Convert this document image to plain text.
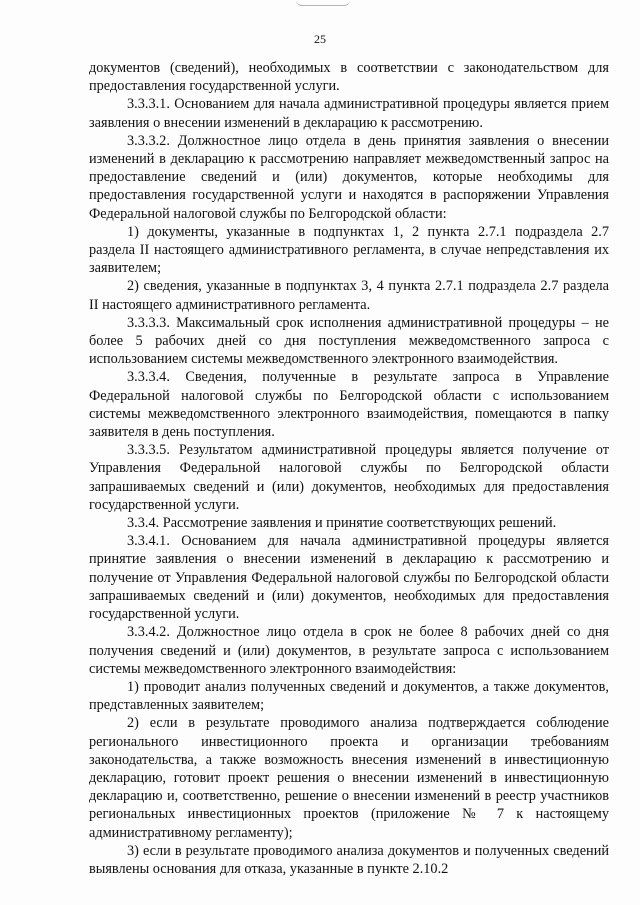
25

документов (сведений), необходимых в соответствии с законодательством для предоставления государственной услуги.

3.3.3.1. Основанием для начала административной процедуры является прием заявления о внесении изменений в декларацию к рассмотрению.

3.3.3.2. Должностное лицо отдела в день принятия заявления о внесении изменений в декларацию к рассмотрению направляет межведомственный запрос на предоставление сведений и (или) документов, которые необходимы для предоставления государственной услуги и находятся в распоряжении Управления Федеральной налоговой службы по Белгородской области:

1) документы, указанные в подпунктах 1, 2 пункта 2.7.1 подраздела 2.7 раздела II настоящего административного регламента, в случае непредставления их заявителем;

2) сведения, указанные в подпунктах 3, 4 пункта 2.7.1 подраздела 2.7 раздела II настоящего административного регламента.

3.3.3.3. Максимальный срок исполнения административной процедуры – не более 5 рабочих дней со дня поступления межведомственного запроса с использованием системы межведомственного электронного взаимодействия.

3.3.3.4. Сведения, полученные в результате запроса в Управление Федеральной налоговой службы по Белгородской области с использованием системы межведомственного электронного взаимодействия, помещаются в папку заявителя в день поступления.

3.3.3.5. Результатом административной процедуры является получение от Управления Федеральной налоговой службы по Белгородской области запрашиваемых сведений и (или) документов, необходимых для предоставления государственной услуги.

3.3.4. Рассмотрение заявления и принятие соответствующих решений.

3.3.4.1. Основанием для начала административной процедуры является принятие заявления о внесении изменений в декларацию к рассмотрению и получение от Управления Федеральной налоговой службы по Белгородской области запрашиваемых сведений и (или) документов, необходимых для предоставления государственной услуги.

3.3.4.2. Должностное лицо отдела в срок не более 8 рабочих дней со дня получения сведений и (или) документов, в результате запроса с использованием системы межведомственного электронного взаимодействия:

1) проводит анализ полученных сведений и документов, а также документов, представленных заявителем;

2) если в результате проводимого анализа подтверждается соблюдение регионального инвестиционного проекта и организации требованиям законодательства, а также возможность внесения изменений в инвестиционную декларацию, готовит проект решения о внесении изменений в инвестиционную декларацию и, соответственно, решение о внесении изменений в реестр участников региональных инвестиционных проектов (приложение № 7 к настоящему административному регламенту);

3) если в результате проводимого анализа документов и полученных сведений выявлены основания для отказа, указанные в пункте 2.10.2
